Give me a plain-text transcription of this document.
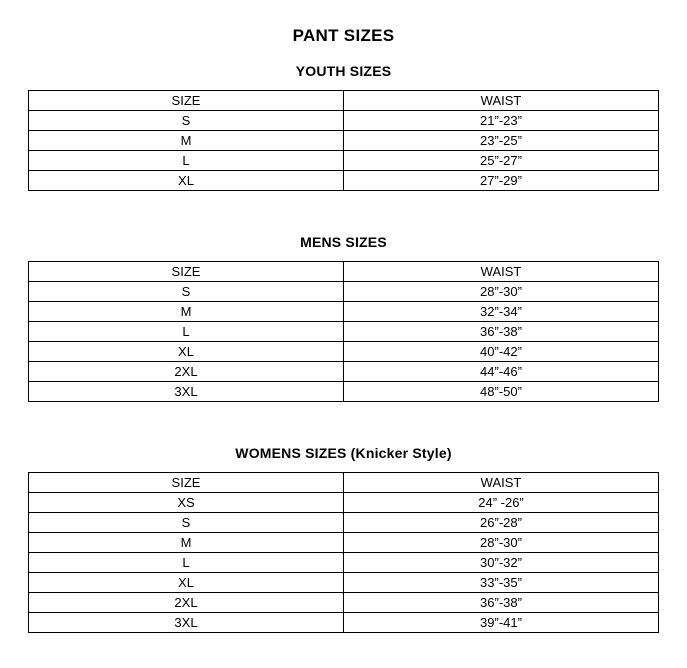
PANT SIZES
YOUTH SIZES
SIZE	WAIST
S	21”-23”
M	23”-25”
L	25”-27”
XL	27”-29”
MENS SIZES
SIZE	WAIST
S	28”-30”
M	32”-34”
L	36”-38”
XL	40”-42”
2XL	44”-46”
3XL	48”-50”
WOMENS SIZES (Knicker Style)
SIZE	WAIST
XS	24” -26”
S	26”-28”
M	28”-30”
L	30”-32”
XL	33”-35”
2XL	36”-38”
3XL	39”-41”
